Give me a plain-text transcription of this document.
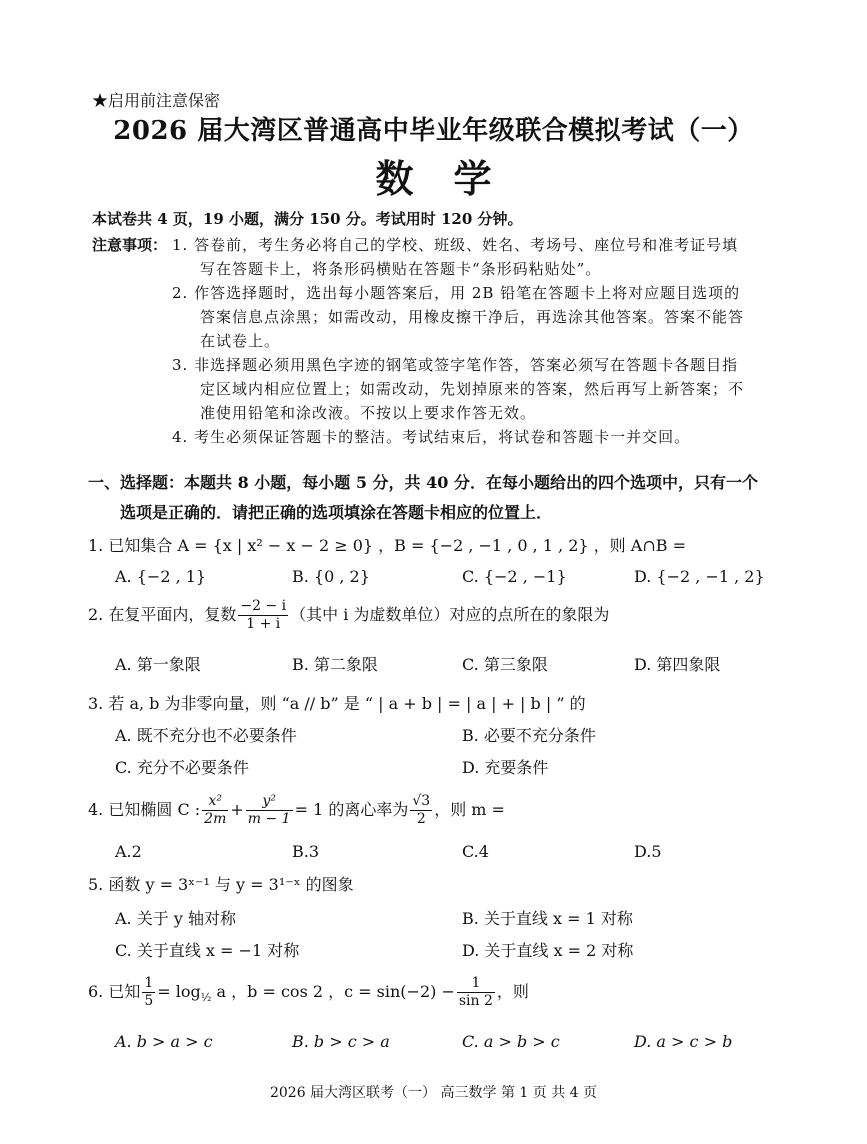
★启用前注意保密
2026 届大湾区普通高中毕业年级联合模拟考试（一）
数学
本试卷共 4 页，19 小题，满分 150 分。考试用时 120 分钟。
注意事项： 1. 答卷前，考生务必将自己的学校、班级、姓名、考场号、座位号和准考证号填
写在答题卡上，将条形码横贴在答题卡“条形码粘贴处”。
2. 作答选择题时，选出每小题答案后，用 2B 铅笔在答题卡上将对应题目选项的
答案信息点涂黑；如需改动，用橡皮擦干净后，再选涂其他答案。答案不能答
在试卷上。
3. 非选择题必须用黑色字迹的钢笔或签字笔作答，答案必须写在答题卡各题目指
定区域内相应位置上；如需改动，先划掉原来的答案，然后再写上新答案；不
准使用铅笔和涂改液。不按以上要求作答无效。
4. 考生必须保证答题卡的整洁。考试结束后，将试卷和答题卡一并交回。
一、选择题：本题共 8 小题，每小题 5 分，共 40 分．在每小题给出的四个选项中，只有一个
选项是正确的．请把正确的选项填涂在答题卡相应的位置上．
1. 已知集合 A = {x | x² − x − 2 ≥ 0} ，B = {−2 , −1 , 0 , 1 , 2} ，则 A∩B =
A. {−2 , 1}	B. {0 , 2}	C. {−2 , −1}	D. {−2 , −1 , 2}
2. 在复平面内，复数 $\frac{-2 - i}{1 + i}$ （其中 i 为虚数单位）对应的点所在的象限为
A. 第一象限	B. 第二象限	C. 第三象限	D. 第四象限
3. 若 a, b 为非零向量，则 “a // b” 是 “ | a + b | = | a | + | b | ” 的
A. 既不充分也不必要条件	B. 必要不充分条件
C. 充分不必要条件	D. 充要条件
4. 已知椭圆 C : $\frac{\text{x²}}{2m} + \frac{\text{y²}}{m - 1} = 1$ 的离心率为 $\frac{√3}{2}$ ，则 m =
A.2	B.3	C.4	D.5
5. 函数 y = 3ˣ⁻¹ 与 y = 3¹⁻ˣ 的图象
A. 关于 y 轴对称	B. 关于直线 x = 1 对称
C. 关于直线 x = −1 对称	D. 关于直线 x = 2 对称
6. 已知 $\frac{1}{5} = \log_{\frac{1}{2}} a$ ，b = cos 2 ，$c = \sin(-2) - \frac{1}{\sin 2}$ ，则
A. b > a > c	B. b > c > a	C. a > b > c	D. a > c > b
2026 届大湾区联考（一） 高三数学 第 1 页 共 4 页
